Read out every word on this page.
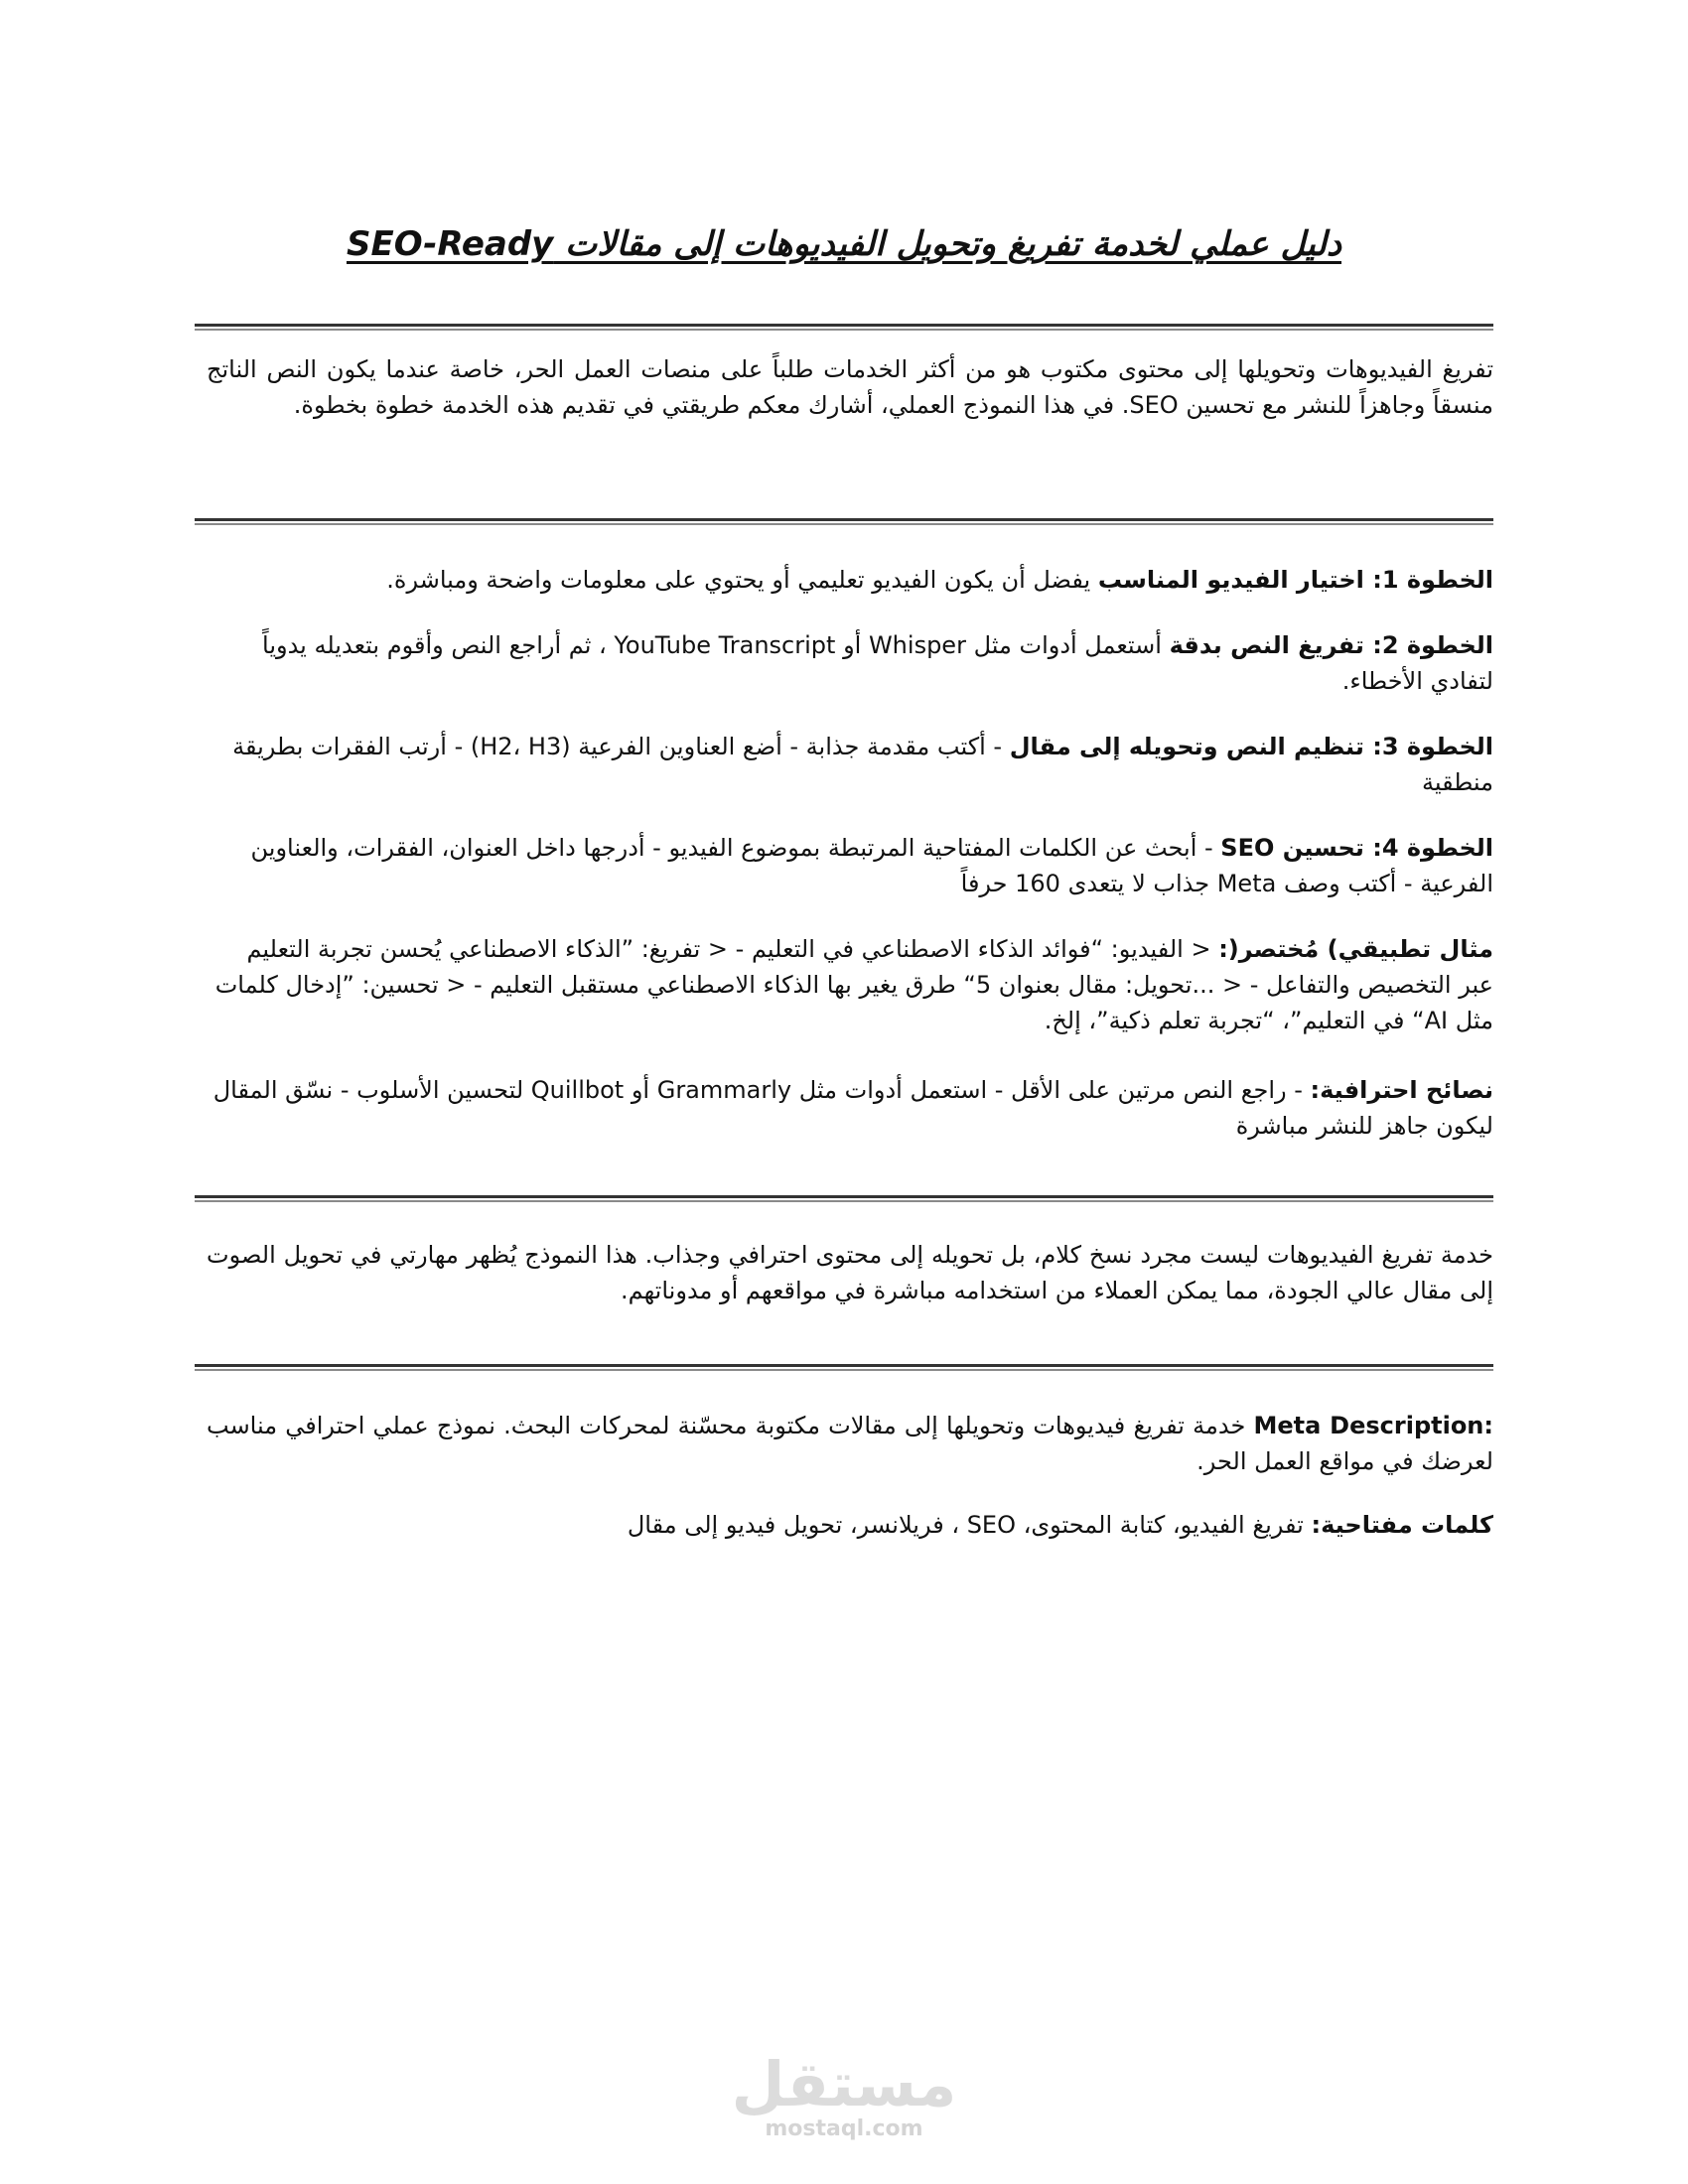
دليل عملي لخدمة تفريغ وتحويل الفيديوهات إلى مقالات SEO-Ready

تفريغ الفيديوهات وتحويلها إلى محتوى مكتوب هو من أكثر الخدمات طلباً على منصات العمل الحر، خاصة عندما يكون النص الناتج منسقاً وجاهزاً للنشر مع تحسين SEO. في هذا النموذج العملي، أشارك معكم طريقتي في تقديم هذه الخدمة خطوة بخطوة.

الخطوة 1: اختيار الفيديو المناسب يفضل أن يكون الفيديو تعليمي أو يحتوي على معلومات واضحة ومباشرة.
الخطوة 2: تفريغ النص بدقة أستعمل أدوات مثل Whisper أو YouTube Transcript ، ثم أراجع النص وأقوم بتعديله يدوياً لتفادي الأخطاء.
الخطوة 3: تنظيم النص وتحويله إلى مقال - أكتب مقدمة جذابة - أضع العناوين الفرعية (H2، H3) - أرتب الفقرات بطريقة منطقية
الخطوة 4: تحسين SEO - أبحث عن الكلمات المفتاحية المرتبطة بموضوع الفيديو - أدرجها داخل العنوان، الفقرات، والعناوين الفرعية - أكتب وصف Meta جذاب لا يتعدى 160 حرفاً
مثال تطبيقي) مُختصر(: < الفيديو: “فوائد الذكاء الاصطناعي في التعليم - < تفريغ: ”الذكاء الاصطناعي يُحسن تجربة التعليم عبر التخصيص والتفاعل - < ...تحويل: مقال بعنوان 5“ طرق يغير بها الذكاء الاصطناعي مستقبل التعليم - < تحسين: ”إدخال كلمات مثل AI“ في التعليم”، “تجربة تعلم ذكية”، إلخ.
نصائح احترافية: - راجع النص مرتين على الأقل - استعمل أدوات مثل Grammarly أو Quillbot لتحسين الأسلوب - نسّق المقال ليكون جاهز للنشر مباشرة

خدمة تفريغ الفيديوهات ليست مجرد نسخ كلام، بل تحويله إلى محتوى احترافي وجذاب. هذا النموذج يُظهر مهارتي في تحويل الصوت إلى مقال عالي الجودة، مما يمكن العملاء من استخدامه مباشرة في مواقعهم أو مدوناتهم.

Meta Description: خدمة تفريغ فيديوهات وتحويلها إلى مقالات مكتوبة محسّنة لمحركات البحث. نموذج عملي احترافي مناسب لعرضك في مواقع العمل الحر.

كلمات مفتاحية: تفريغ الفيديو، كتابة المحتوى، SEO ، فريلانسر، تحويل فيديو إلى مقال
مستقل
mostaql.com
